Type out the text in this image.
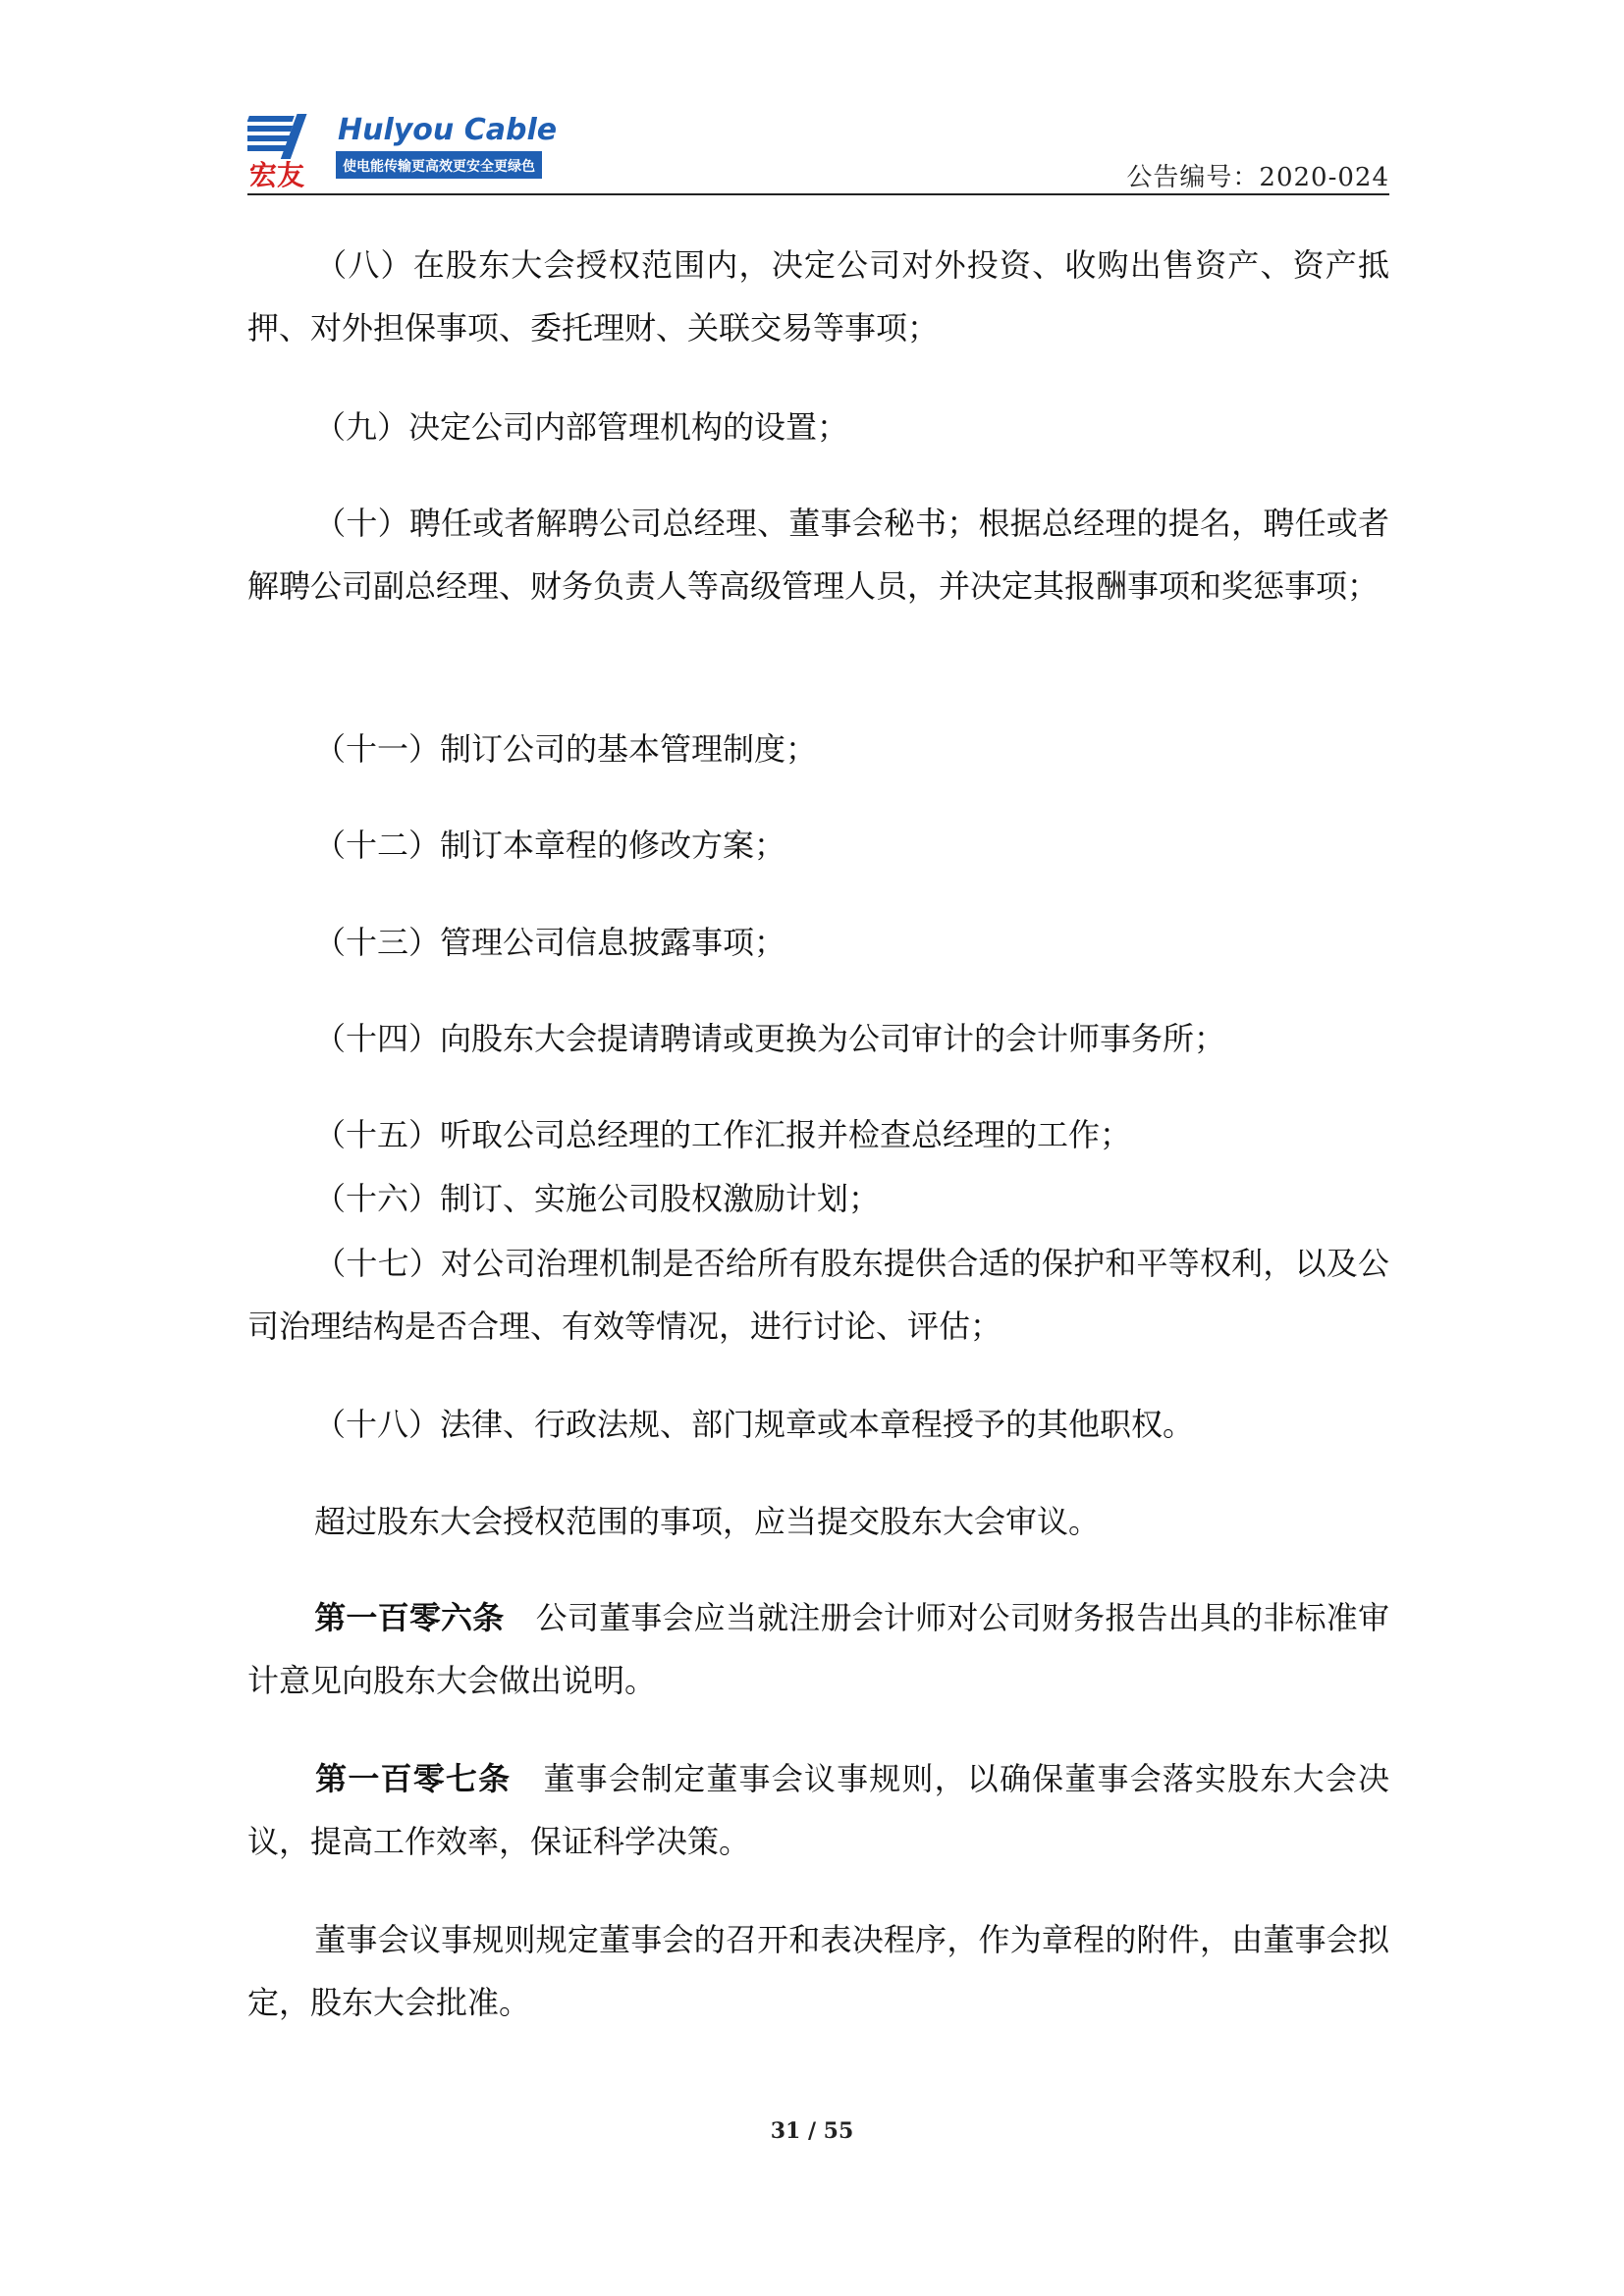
宏友
Hulyou Cable
使电能传输更高效更安全更绿色	公告编号：2020-024
（八）在股东大会授权范围内，决定公司对外投资、收购出售资产、资产抵押、对外担保事项、委托理财、关联交易等事项；
（九）决定公司内部管理机构的设置；
（十）聘任或者解聘公司总经理、董事会秘书；根据总经理的提名，聘任或者解聘公司副总经理、财务负责人等高级管理人员，并决定其报酬事项和奖惩事项；
（十一）制订公司的基本管理制度；
（十二）制订本章程的修改方案；
（十三）管理公司信息披露事项；
（十四）向股东大会提请聘请或更换为公司审计的会计师事务所；
（十五）听取公司总经理的工作汇报并检查总经理的工作；
（十六）制订、实施公司股权激励计划；
（十七）对公司治理机制是否给所有股东提供合适的保护和平等权利，以及公司治理结构是否合理、有效等情况，进行讨论、评估；
（十八）法律、行政法规、部门规章或本章程授予的其他职权。
超过股东大会授权范围的事项，应当提交股东大会审议。
第一百零六条　 公司董事会应当就注册会计师对公司财务报告出具的非标准审计意见向股东大会做出说明。
第一百零七条　 董事会制定董事会议事规则，以确保董事会落实股东大会决议，提高工作效率，保证科学决策。
董事会议事规则规定董事会的召开和表决程序，作为章程的附件，由董事会拟定，股东大会批准。
31 / 55
